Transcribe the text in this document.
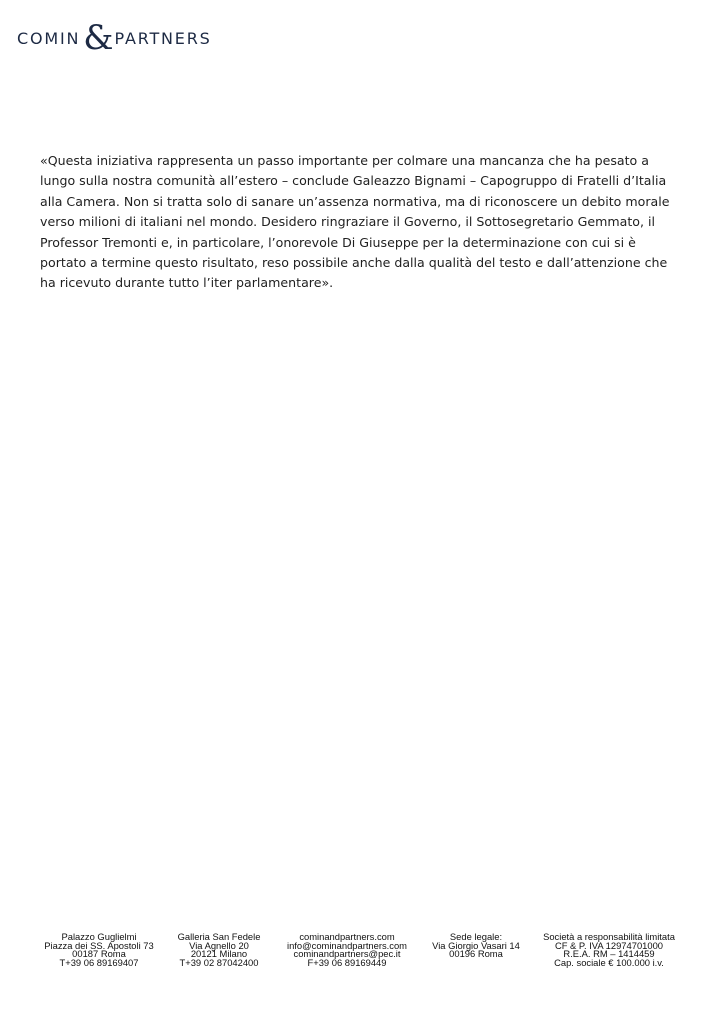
COMIN & PARTNERS
«Questa iniziativa rappresenta un passo importante per colmare una mancanza che ha pesato a
lungo sulla nostra comunità all’estero – conclude Galeazzo Bignami – Capogruppo di Fratelli d’Italia
alla Camera. Non si tratta solo di sanare un’assenza normativa, ma di riconoscere un debito morale
verso milioni di italiani nel mondo. Desidero ringraziare il Governo, il Sottosegretario Gemmato, il
Professor Tremonti e, in particolare, l’onorevole Di Giuseppe per la determinazione con cui si è
portato a termine questo risultato, reso possibile anche dalla qualità del testo e dall’attenzione che
ha ricevuto durante tutto l’iter parlamentare».
Palazzo Guglielmi
Piazza dei SS. Apostoli 73
00187 Roma
T+39 06 89169407
Galleria San Fedele
Via Agnello 20
20121 Milano
T+39 02 87042400
cominandpartners.com
info@cominandpartners.com
cominandpartners@pec.it
F+39 06 89169449
Sede legale:
Via Giorgio Vasari 14
00196 Roma
Società a responsabilità limitata
CF & P. IVA 12974701000
R.E.A. RM – 1414459
Cap. sociale € 100.000 i.v.
